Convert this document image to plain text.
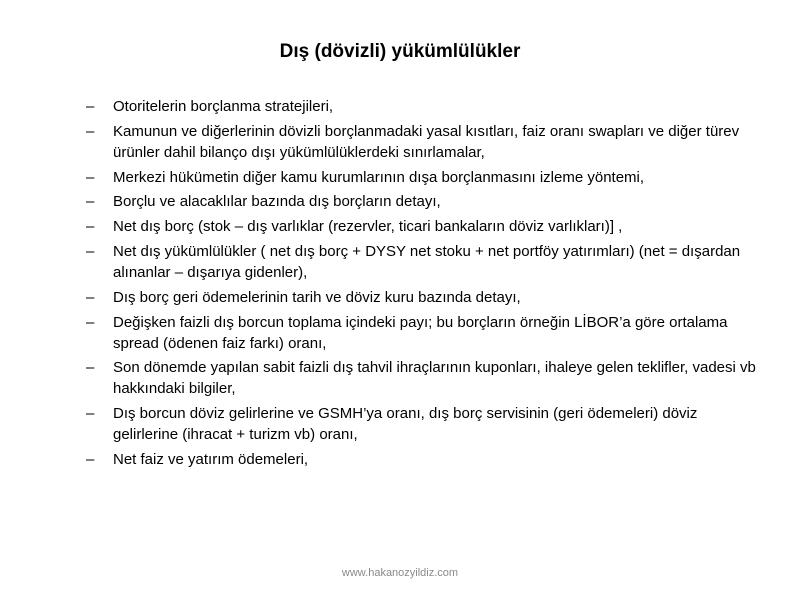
Dış (dövizli) yükümlülükler
– Otoritelerin borçlanma stratejileri,
– Kamunun ve diğerlerinin dövizli borçlanmadaki yasal kısıtları, faiz oranı swapları ve diğer türev ürünler dahil bilanço dışı yükümlülüklerdeki sınırlamalar,
– Merkezi hükümetin diğer kamu kurumlarının dışa borçlanmasını izleme yöntemi,
– Borçlu ve alacaklılar bazında dış borçların detayı,
– Net dış borç (stok – dış varlıklar (rezervler, ticari bankaların döviz varlıkları)] ,
– Net dış yükümlülükler ( net dış borç + DYSY net stoku + net portföy yatırımları) (net = dışardan alınanlar – dışarıya gidenler),
– Dış borç geri ödemelerinin tarih ve döviz kuru bazında detayı,
– Değişken faizli dış borcun toplama içindeki payı; bu borçların örneğin LİBOR’a göre ortalama spread (ödenen faiz farkı) oranı,
– Son dönemde yapılan sabit faizli dış tahvil ihraçlarının kuponları, ihaleye gelen teklifler, vadesi vb hakkındaki bilgiler,
– Dış borcun döviz gelirlerine ve GSMH’ya oranı, dış borç servisinin (geri ödemeleri) döviz gelirlerine (ihracat + turizm vb) oranı,
– Net faiz ve yatırım ödemeleri,
www.hakanozyildiz.com
